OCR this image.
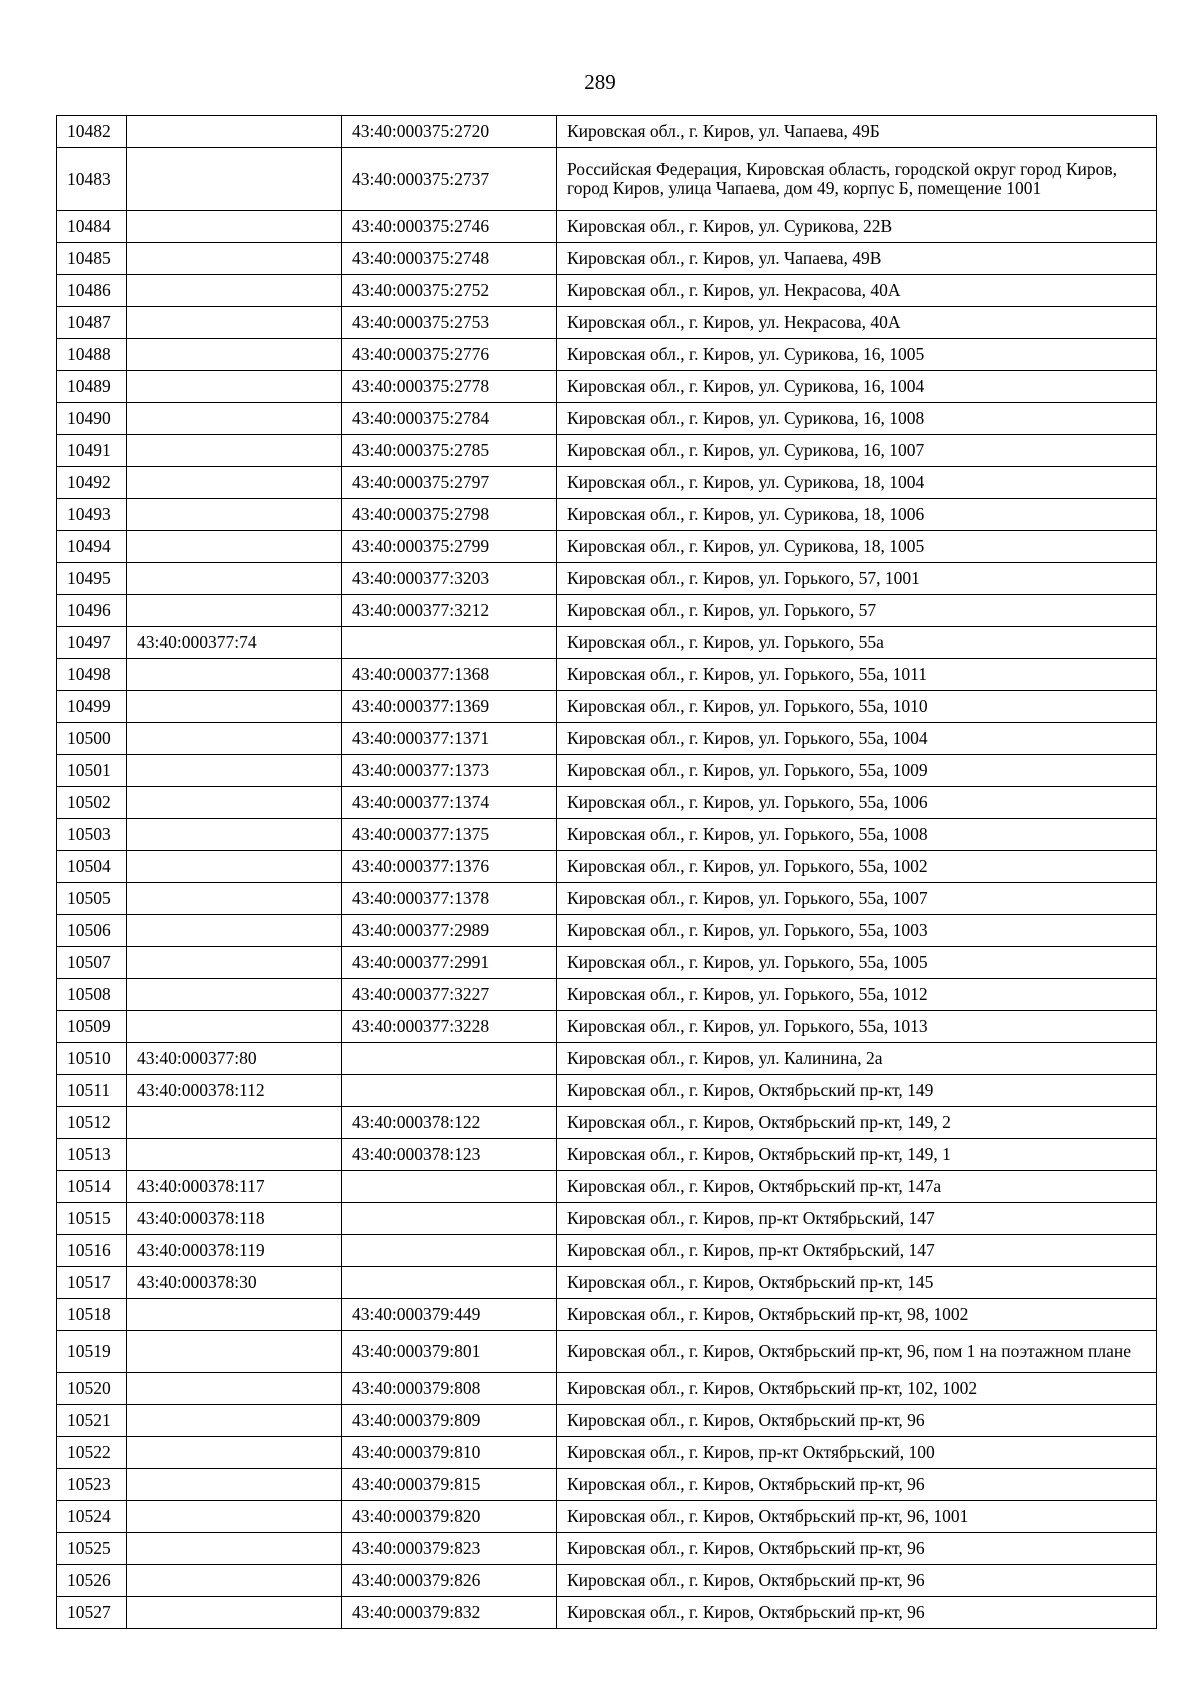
289
10482		43:40:000375:2720	Кировская обл., г. Киров, ул. Чапаева, 49Б
10483		43:40:000375:2737	Российская Федерация, Кировская область, городской округ город Киров, город Киров, улица Чапаева, дом 49, корпус Б, помещение 1001
10484		43:40:000375:2746	Кировская обл., г. Киров, ул. Сурикова, 22В
10485		43:40:000375:2748	Кировская обл., г. Киров, ул. Чапаева, 49В
10486		43:40:000375:2752	Кировская обл., г. Киров, ул. Некрасова, 40А
10487		43:40:000375:2753	Кировская обл., г. Киров, ул. Некрасова, 40А
10488		43:40:000375:2776	Кировская обл., г. Киров, ул. Сурикова, 16, 1005
10489		43:40:000375:2778	Кировская обл., г. Киров, ул. Сурикова, 16, 1004
10490		43:40:000375:2784	Кировская обл., г. Киров, ул. Сурикова, 16, 1008
10491		43:40:000375:2785	Кировская обл., г. Киров, ул. Сурикова, 16, 1007
10492		43:40:000375:2797	Кировская обл., г. Киров, ул. Сурикова, 18, 1004
10493		43:40:000375:2798	Кировская обл., г. Киров, ул. Сурикова, 18, 1006
10494		43:40:000375:2799	Кировская обл., г. Киров, ул. Сурикова, 18, 1005
10495		43:40:000377:3203	Кировская обл., г. Киров, ул. Горького, 57, 1001
10496		43:40:000377:3212	Кировская обл., г. Киров, ул. Горького, 57
10497	43:40:000377:74		Кировская обл., г. Киров, ул. Горького, 55а
10498		43:40:000377:1368	Кировская обл., г. Киров, ул. Горького, 55а, 1011
10499		43:40:000377:1369	Кировская обл., г. Киров, ул. Горького, 55а, 1010
10500		43:40:000377:1371	Кировская обл., г. Киров, ул. Горького, 55а, 1004
10501		43:40:000377:1373	Кировская обл., г. Киров, ул. Горького, 55а, 1009
10502		43:40:000377:1374	Кировская обл., г. Киров, ул. Горького, 55а, 1006
10503		43:40:000377:1375	Кировская обл., г. Киров, ул. Горького, 55а, 1008
10504		43:40:000377:1376	Кировская обл., г. Киров, ул. Горького, 55а, 1002
10505		43:40:000377:1378	Кировская обл., г. Киров, ул. Горького, 55а, 1007
10506		43:40:000377:2989	Кировская обл., г. Киров, ул. Горького, 55а, 1003
10507		43:40:000377:2991	Кировская обл., г. Киров, ул. Горького, 55а, 1005
10508		43:40:000377:3227	Кировская обл., г. Киров, ул. Горького, 55а, 1012
10509		43:40:000377:3228	Кировская обл., г. Киров, ул. Горького, 55а, 1013
10510	43:40:000377:80		Кировская обл., г. Киров, ул. Калинина, 2а
10511	43:40:000378:112		Кировская обл., г. Киров, Октябрьский пр-кт, 149
10512		43:40:000378:122	Кировская обл., г. Киров, Октябрьский пр-кт, 149, 2
10513		43:40:000378:123	Кировская обл., г. Киров, Октябрьский пр-кт, 149, 1
10514	43:40:000378:117		Кировская обл., г. Киров, Октябрьский пр-кт, 147а
10515	43:40:000378:118		Кировская обл., г. Киров, пр-кт Октябрьский, 147
10516	43:40:000378:119		Кировская обл., г. Киров, пр-кт Октябрьский, 147
10517	43:40:000378:30		Кировская обл., г. Киров, Октябрьский пр-кт, 145
10518		43:40:000379:449	Кировская обл., г. Киров, Октябрьский пр-кт, 98, 1002
10519		43:40:000379:801	Кировская обл., г. Киров, Октябрьский пр-кт, 96, пом 1 на поэтажном плане
10520		43:40:000379:808	Кировская обл., г. Киров, Октябрьский пр-кт, 102, 1002
10521		43:40:000379:809	Кировская обл., г. Киров, Октябрьский пр-кт, 96
10522		43:40:000379:810	Кировская обл., г. Киров, пр-кт Октябрьский, 100
10523		43:40:000379:815	Кировская обл., г. Киров, Октябрьский пр-кт, 96
10524		43:40:000379:820	Кировская обл., г. Киров, Октябрьский пр-кт, 96, 1001
10525		43:40:000379:823	Кировская обл., г. Киров, Октябрьский пр-кт, 96
10526		43:40:000379:826	Кировская обл., г. Киров, Октябрьский пр-кт, 96
10527		43:40:000379:832	Кировская обл., г. Киров, Октябрьский пр-кт, 96
